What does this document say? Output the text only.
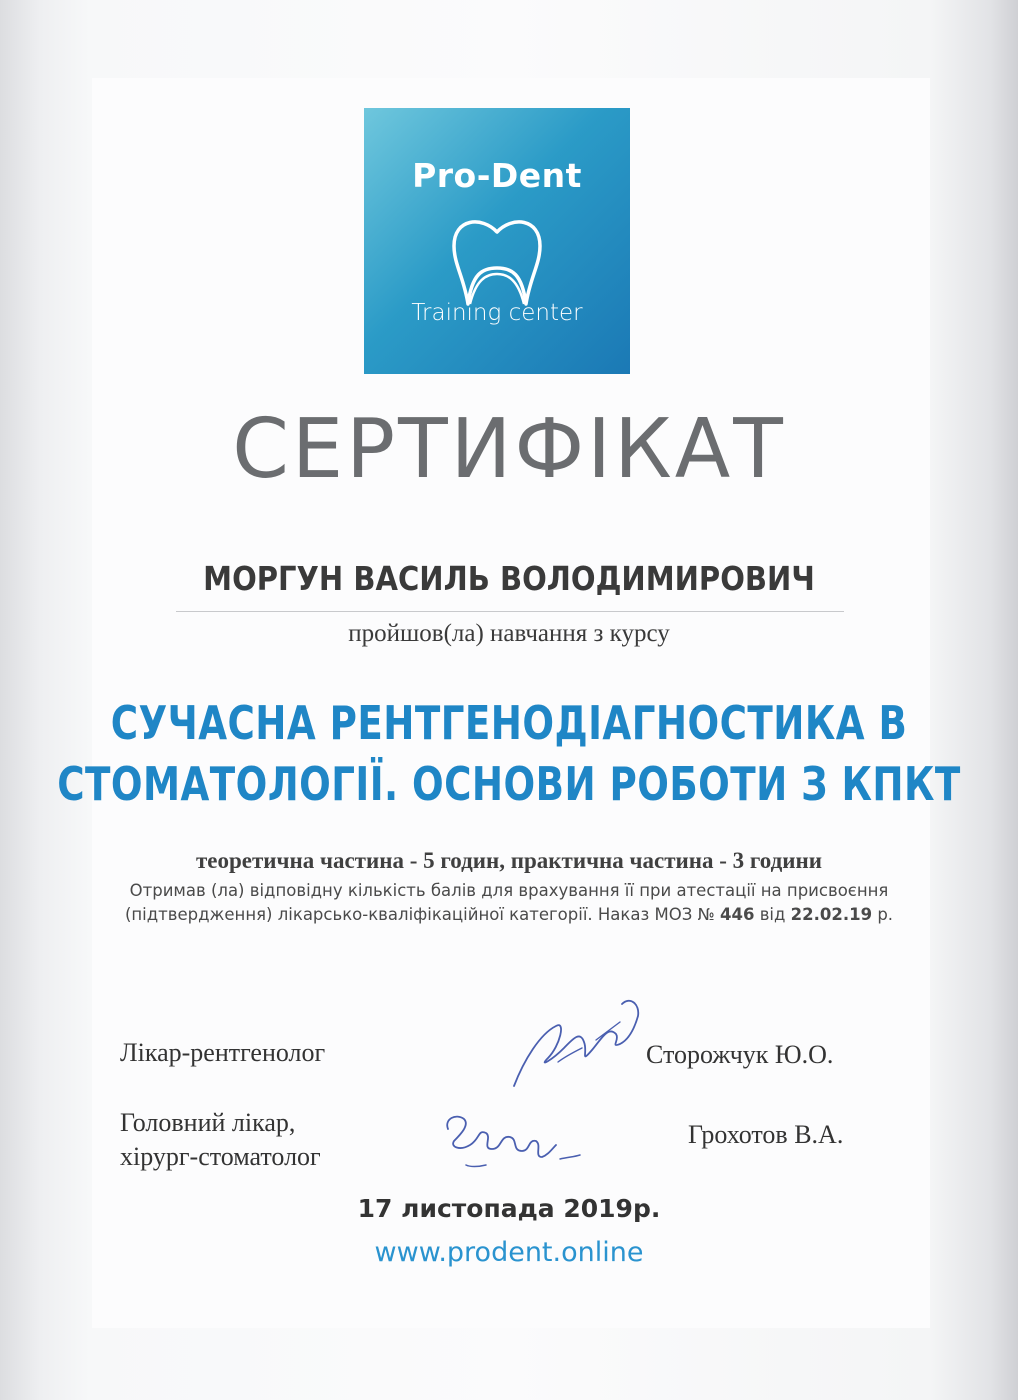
Pro-Dent
Training center
СЕРТИФІКАТ
МОРГУН ВАСИЛЬ ВОЛОДИМИРОВИЧ
пройшов(ла) навчання з курсу
СУЧАСНА РЕНТГЕНОДІАГНОСТИКА В
СТОМАТОЛОГІЇ. ОСНОВИ РОБОТИ З КПКТ
теоретична частина - 5 годин, практична частина - 3 години
Отримав (ла) відповідну кількість балів для врахування її при атестації на присвоєння
(підтвердження) лікарсько-кваліфікаційної категорії. Наказ МОЗ № 446 від 22.02.19 р.
Лікар-рентгенолог	Сторожчук Ю.О.
Головний лікар,
хірург-стоматолог
Грохотов В.А.
17 листопада 2019р.
www.prodent.online
